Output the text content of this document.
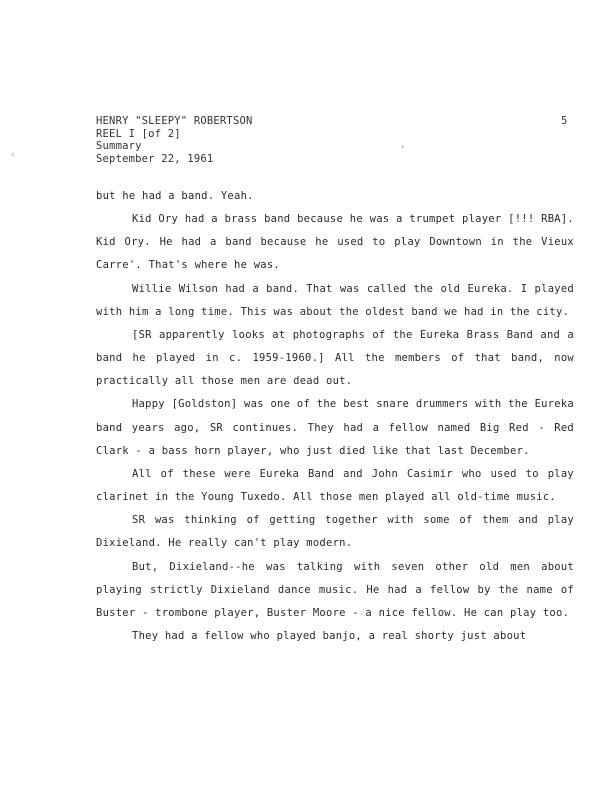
HENRY "SLEEPY" ROBERTSON
REEL I [of 2]
Summary
September 22, 1961
5
‹
,

but he had a band. Yeah.

Kid Ory had a brass band because he was a trumpet player [!!! RBA]. Kid Ory. He had a band because he used to play Downtown in the Vieux Carre'. That's where he was.

Willie Wilson had a band. That was called the old Eureka. I played with him a long time. This was about the oldest band we had in the city.

[SR apparently looks at photographs of the Eureka Brass Band and a band he played in c. 1959-1960.] All the members of that band, now practically all those men are dead out.

Happy [Goldston] was one of the best snare drummers with the Eureka band years ago, SR continues. They had a fellow named Big Red - Red Clark - a bass horn player, who just died like that last December.

All of these were Eureka Band and John Casimir who used to play clarinet in the Young Tuxedo. All those men played all old-time music.

SR was thinking of getting together with some of them and play Dixieland. He really can't play modern.

But, Dixieland--he was talking with seven other old men about playing strictly Dixieland dance music. He had a fellow by the name of Buster - trombone player, Buster Moore - a nice fellow. He can play too.

They had a fellow who played banjo, a real shorty just about
